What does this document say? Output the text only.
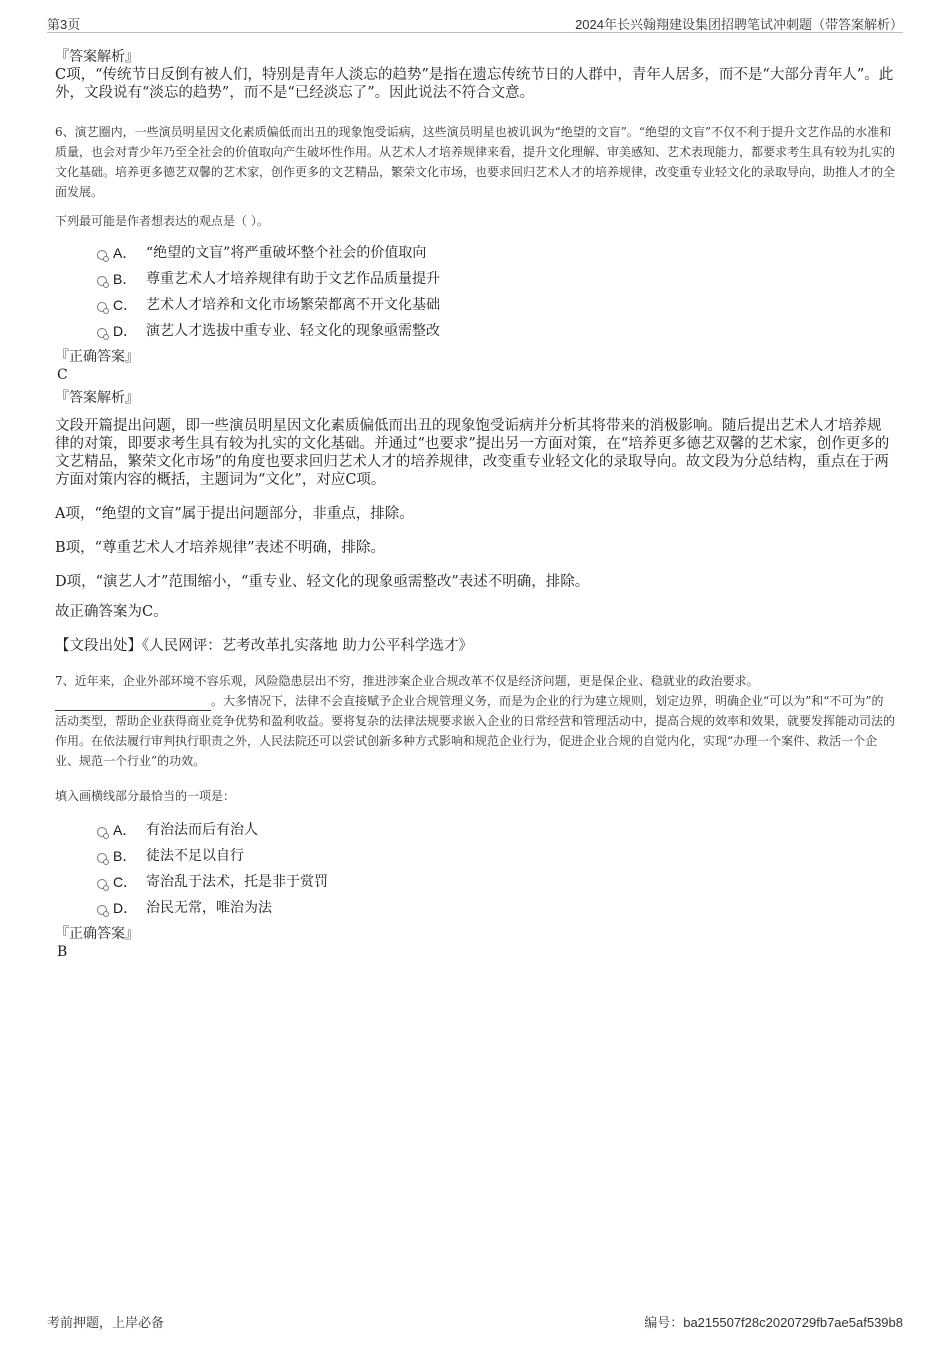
第3页	2024年长兴翰翔建设集团招聘笔试冲刺题（带答案解析）
『答案解析』
C项，“传统节日反倒有被人们，特别是青年人淡忘的趋势”是指在遗忘传统节日的人群中，青年人居多，而不是“大部分青年人”。此外，文段说有“淡忘的趋势”，而不是“已经淡忘了”。因此说法不符合文意。
6、演艺圈内，一些演员明星因文化素质偏低而出丑的现象饱受诟病，这些演员明星也被讥讽为“绝望的文盲”。“绝望的文盲”不仅不利于提升文艺作品的水准和质量，也会对青少年乃至全社会的价值取向产生破坏性作用。从艺术人才培养规律来看，提升文化理解、审美感知、艺术表现能力，都要求考生具有较为扎实的文化基础。培养更多德艺双馨的艺术家，创作更多的文艺精品，繁荣文化市场，也要求回归艺术人才的培养规律，改变重专业轻文化的录取导向，助推人才的全面发展。
下列最可能是作者想表达的观点是（ ）。
A． “绝望的文盲”将严重破坏整个社会的价值取向
B． 尊重艺术人才培养规律有助于文艺作品质量提升
C． 艺术人才培养和文化市场繁荣都离不开文化基础
D． 演艺人才选拔中重专业、轻文化的现象亟需整改
『正确答案』
C
『答案解析』
文段开篇提出问题，即一些演员明星因文化素质偏低而出丑的现象饱受诟病并分析其将带来的消极影响。随后提出艺术人才培养规律的对策，即要求考生具有较为扎实的文化基础。并通过“也要求”提出另一方面对策，在“培养更多德艺双馨的艺术家，创作更多的文艺精品，繁荣文化市场”的角度也要求回归艺术人才的培养规律，改变重专业轻文化的录取导向。故文段为分总结构，重点在于两方面对策内容的概括，主题词为“文化”，对应C项。
A项，“绝望的文盲”属于提出问题部分，非重点，排除。
B项，“尊重艺术人才培养规律”表述不明确，排除。
D项，“演艺人才”范围缩小，“重专业、轻文化的现象亟需整改”表述不明确，排除。
故正确答案为C。
【文段出处】《人民网评：艺考改革扎实落地 助力公平科学选才》
7、近年来，企业外部环境不容乐观，风险隐患层出不穷，推进涉案企业合规改革不仅是经济问题，更是保企业、稳就业的政治要求。
。大多情况下，法律不会直接赋予企业合规管理义务，而是为企业的行为建立规则，划定边界，明确企业“可以为”和“不可为”的活动类型，帮助企业获得商业竞争优势和盈利收益。要将复杂的法律法规要求嵌入企业的日常经营和管理活动中，提高合规的效率和效果，就要发挥能动司法的作用。在依法履行审判执行职责之外，人民法院还可以尝试创新多种方式影响和规范企业行为，促进企业合规的自觉内化，实现“办理一个案件、救活一个企业、规范一个行业”的功效。
填入画横线部分最恰当的一项是：
A． 有治法而后有治人
B． 徒法不足以自行
C． 寄治乱于法术，托是非于赏罚
D． 治民无常，唯治为法
『正确答案』
B
考前押题，上岸必备	编号：ba215507f28c2020729fb7ae5af539b8
